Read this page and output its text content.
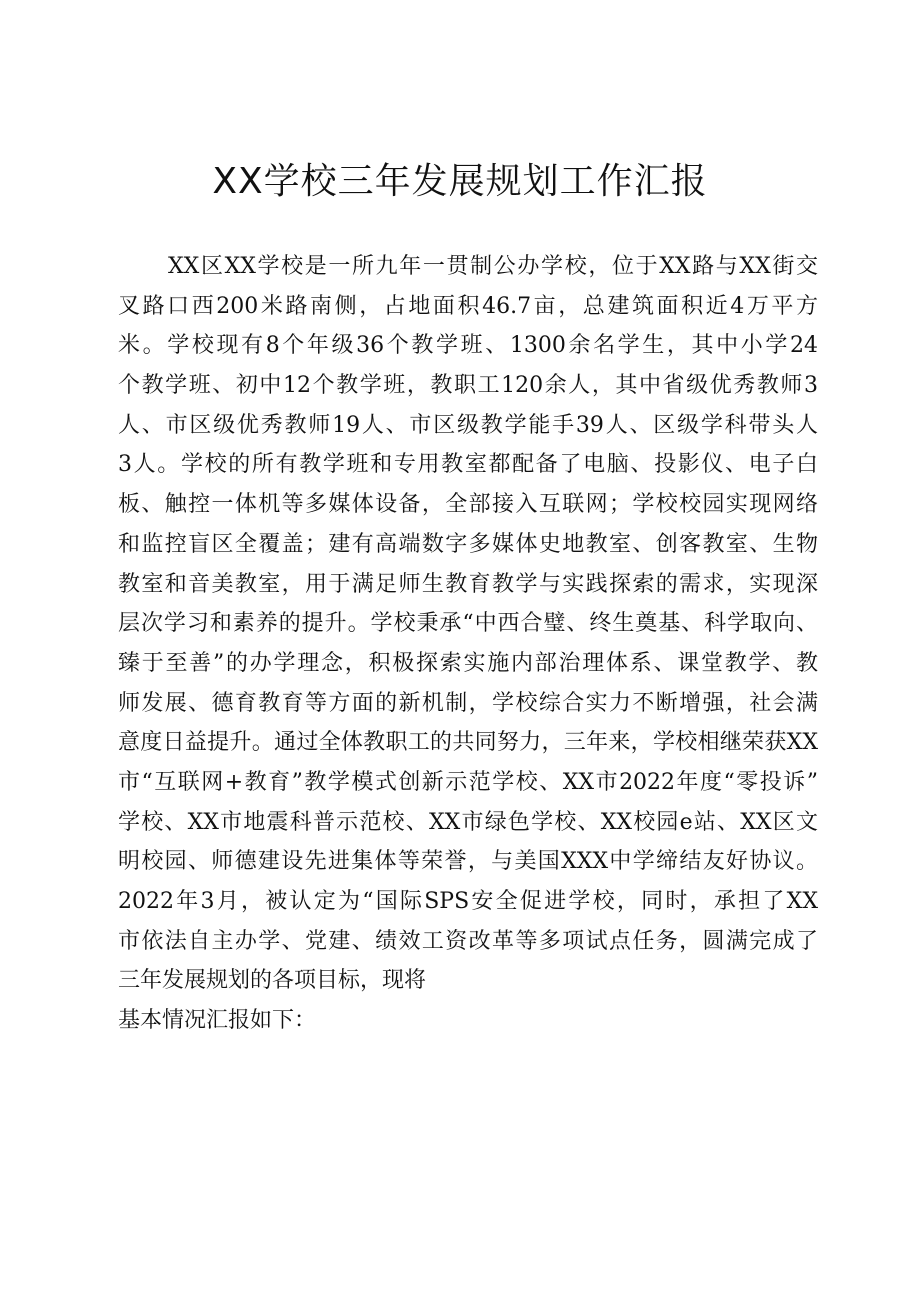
XX学校三年发展规划工作汇报
XX区XX学校是一所九年一贯制公办学校，位于XX路与XX街交
叉路口西200米路南侧，占地面积46.7亩，总建筑面积近4万平方
米。学校现有8个年级36个教学班、1300余名学生，其中小学24
个教学班、初中12个教学班，教职工120余人，其中省级优秀教师3
人、市区级优秀教师19人、市区级教学能手39人、区级学科带头人
3人。学校的所有教学班和专用教室都配备了电脑、投影仪、电子白
板、触控一体机等多媒体设备，全部接入互联网；学校校园实现网络
和监控盲区全覆盖；建有高端数字多媒体史地教室、创客教室、生物
教室和音美教室，用于满足师生教育教学与实践探索的需求，实现深
层次学习和素养的提升。学校秉承“中西合璧、终生奠基、科学取向、
臻于至善”的办学理念，积极探索实施内部治理体系、课堂教学、教
师发展、德育教育等方面的新机制，学校综合实力不断增强，社会满
意度日益提升。通过全体教职工的共同努力，三年来，学校相继荣获XX
市“互联网+教育”教学模式创新示范学校、XX市2022年度“零投诉”
学校、XX市地震科普示范校、XX市绿色学校、XX校园e站、XX区文
明校园、师德建设先进集体等荣誉，与美国XXX中学缔结友好协议。
2022年3月，被认定为“国际SPS安全促进学校，同时，承担了XX
市依法自主办学、党建、绩效工资改革等多项试点任务，圆满完成了
三年发展规划的各项目标，现将
基本情况汇报如下：
